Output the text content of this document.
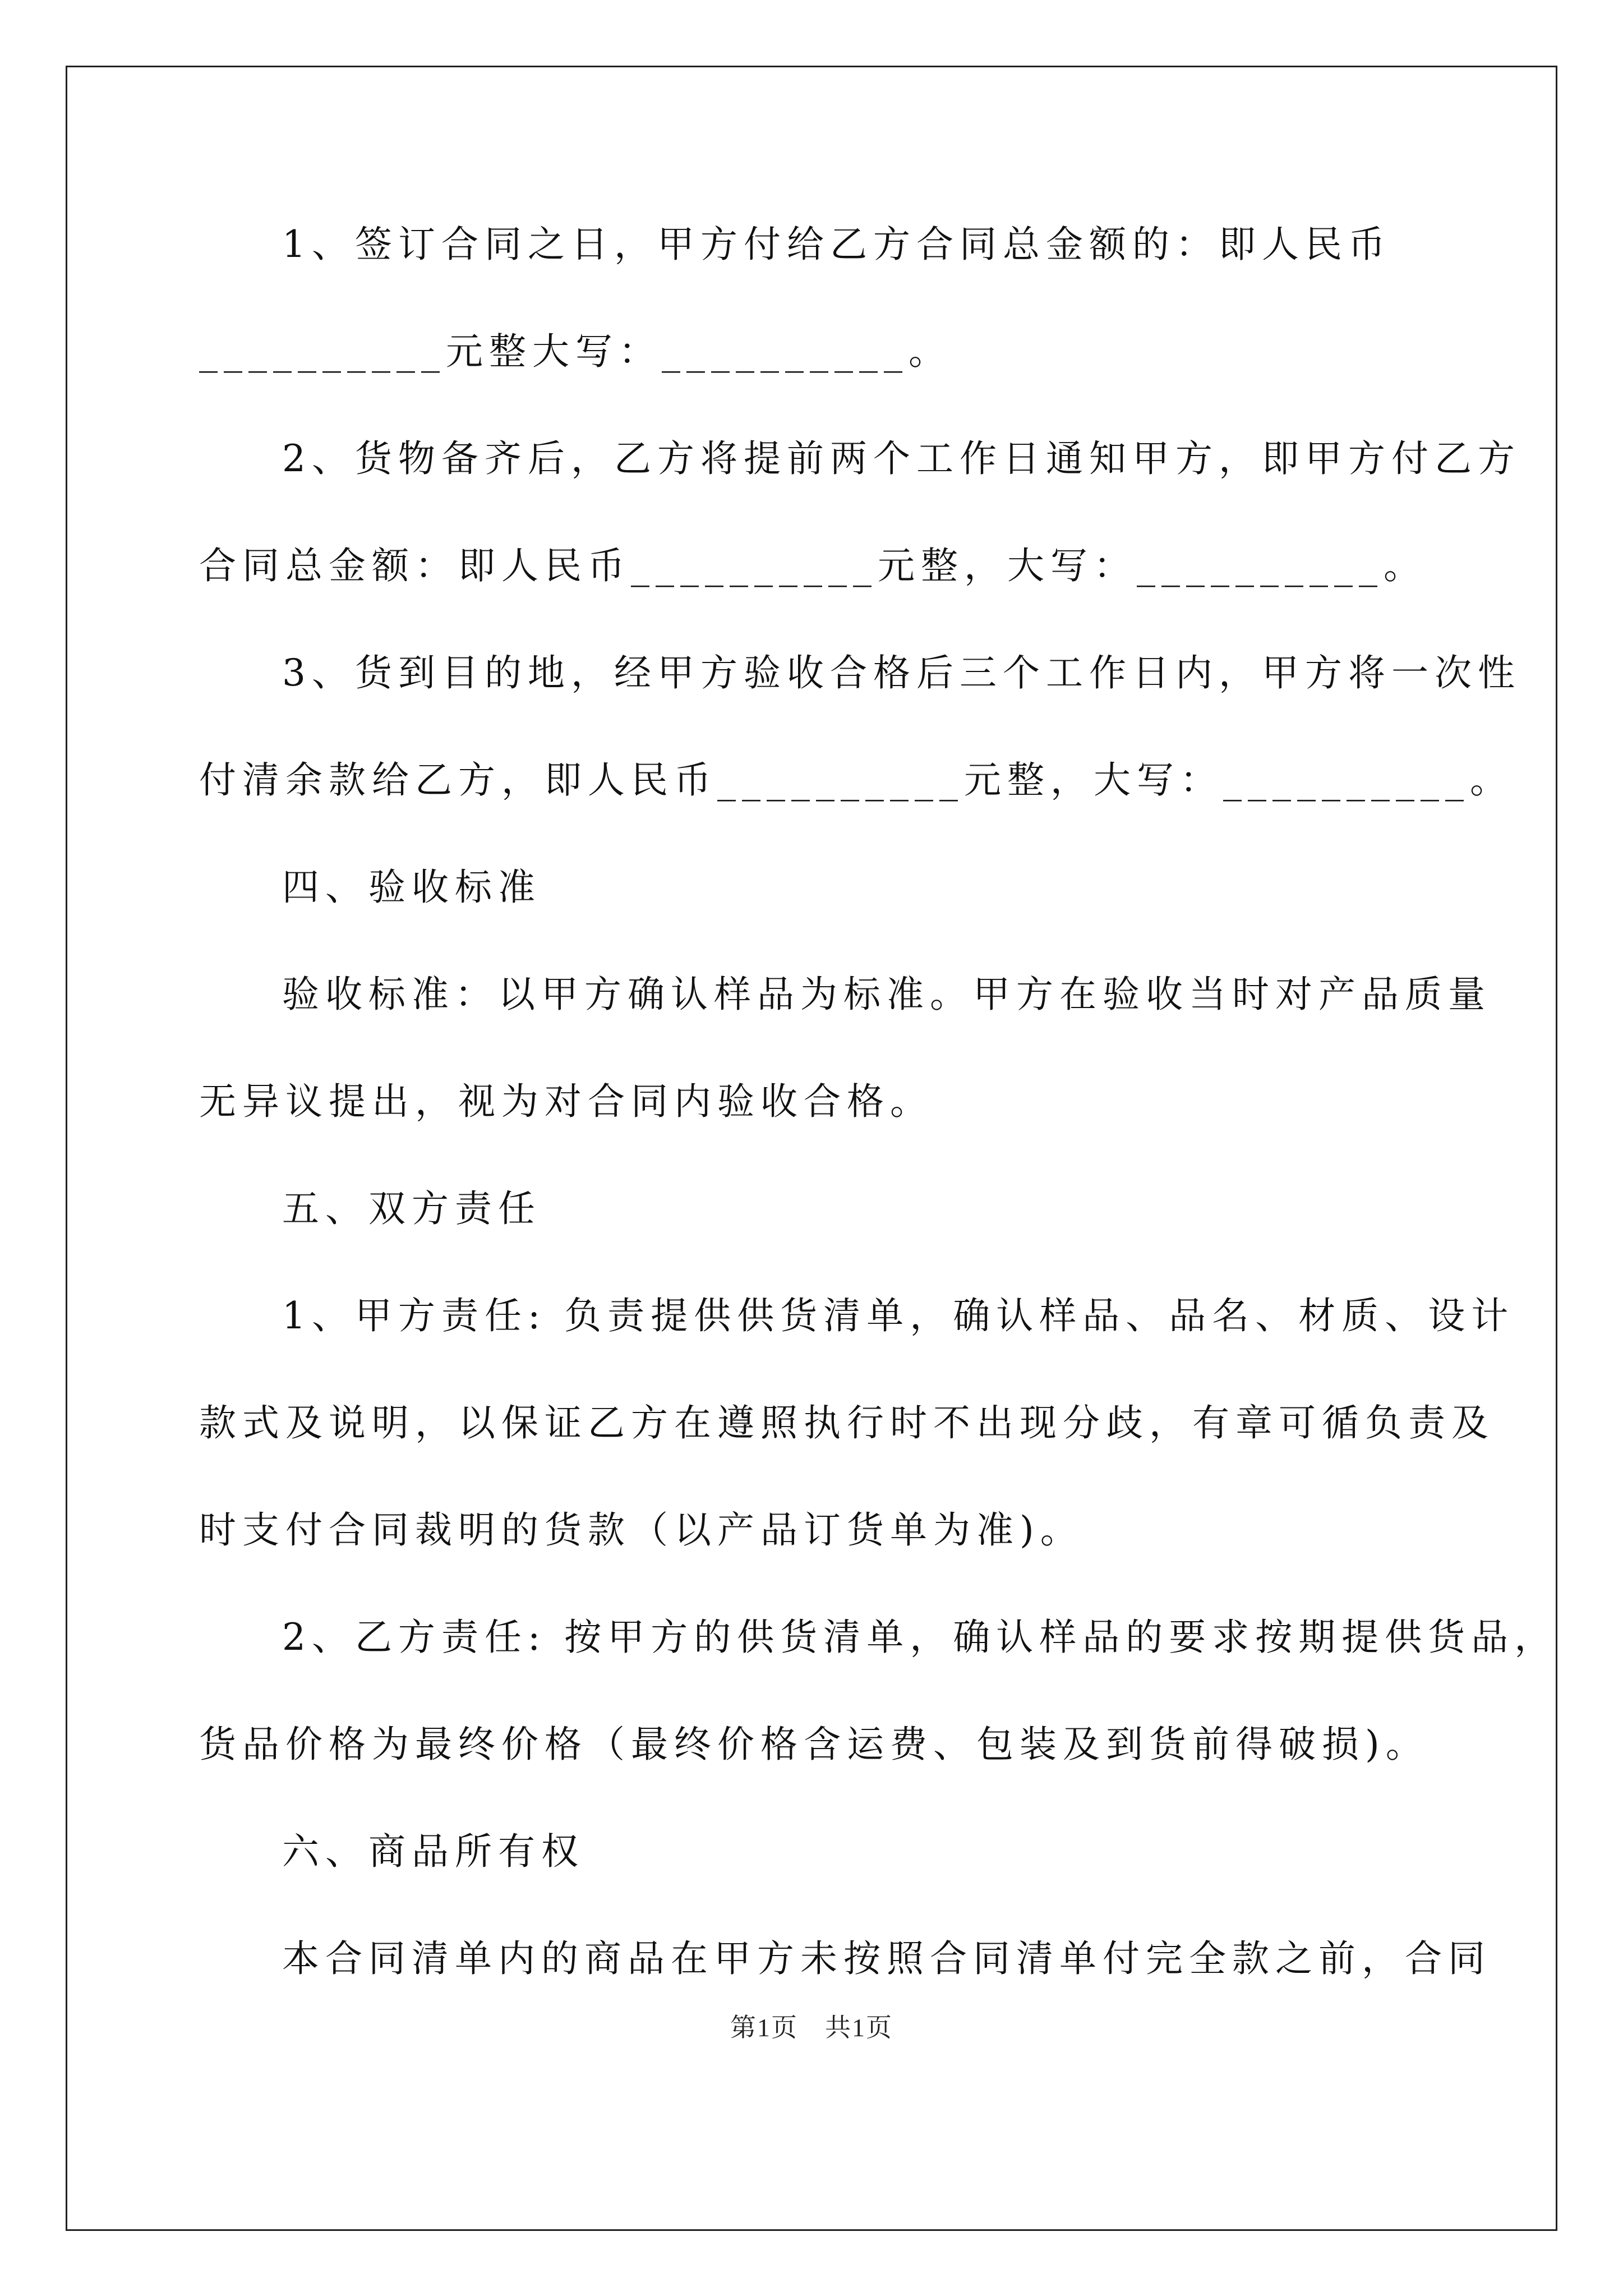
1、签订合同之日，甲方付给乙方合同总金额的：即人民币
__________元整大写：__________。
2、货物备齐后，乙方将提前两个工作日通知甲方，即甲方付乙方
合同总金额：即人民币__________元整，大写：__________。
3、货到目的地，经甲方验收合格后三个工作日内，甲方将一次性
付清余款给乙方，即人民币__________元整，大写：__________。
四、验收标准
验收标准：以甲方确认样品为标准。甲方在验收当时对产品质量
无异议提出，视为对合同内验收合格。
五、双方责任
1、甲方责任: 负责提供供货清单，确认样品、品名、材质、设计
款式及说明，以保证乙方在遵照执行时不出现分歧，有章可循负责及
时支付合同裁明的货款（以产品订货单为准)。
2、乙方责任: 按甲方的供货清单，确认样品的要求按期提供货品，
货品价格为最终价格（最终价格含运费、包装及到货前得破损)。
六、商品所有权
本合同清单内的商品在甲方未按照合同清单付完全款之前，合同
第1页　共1页
